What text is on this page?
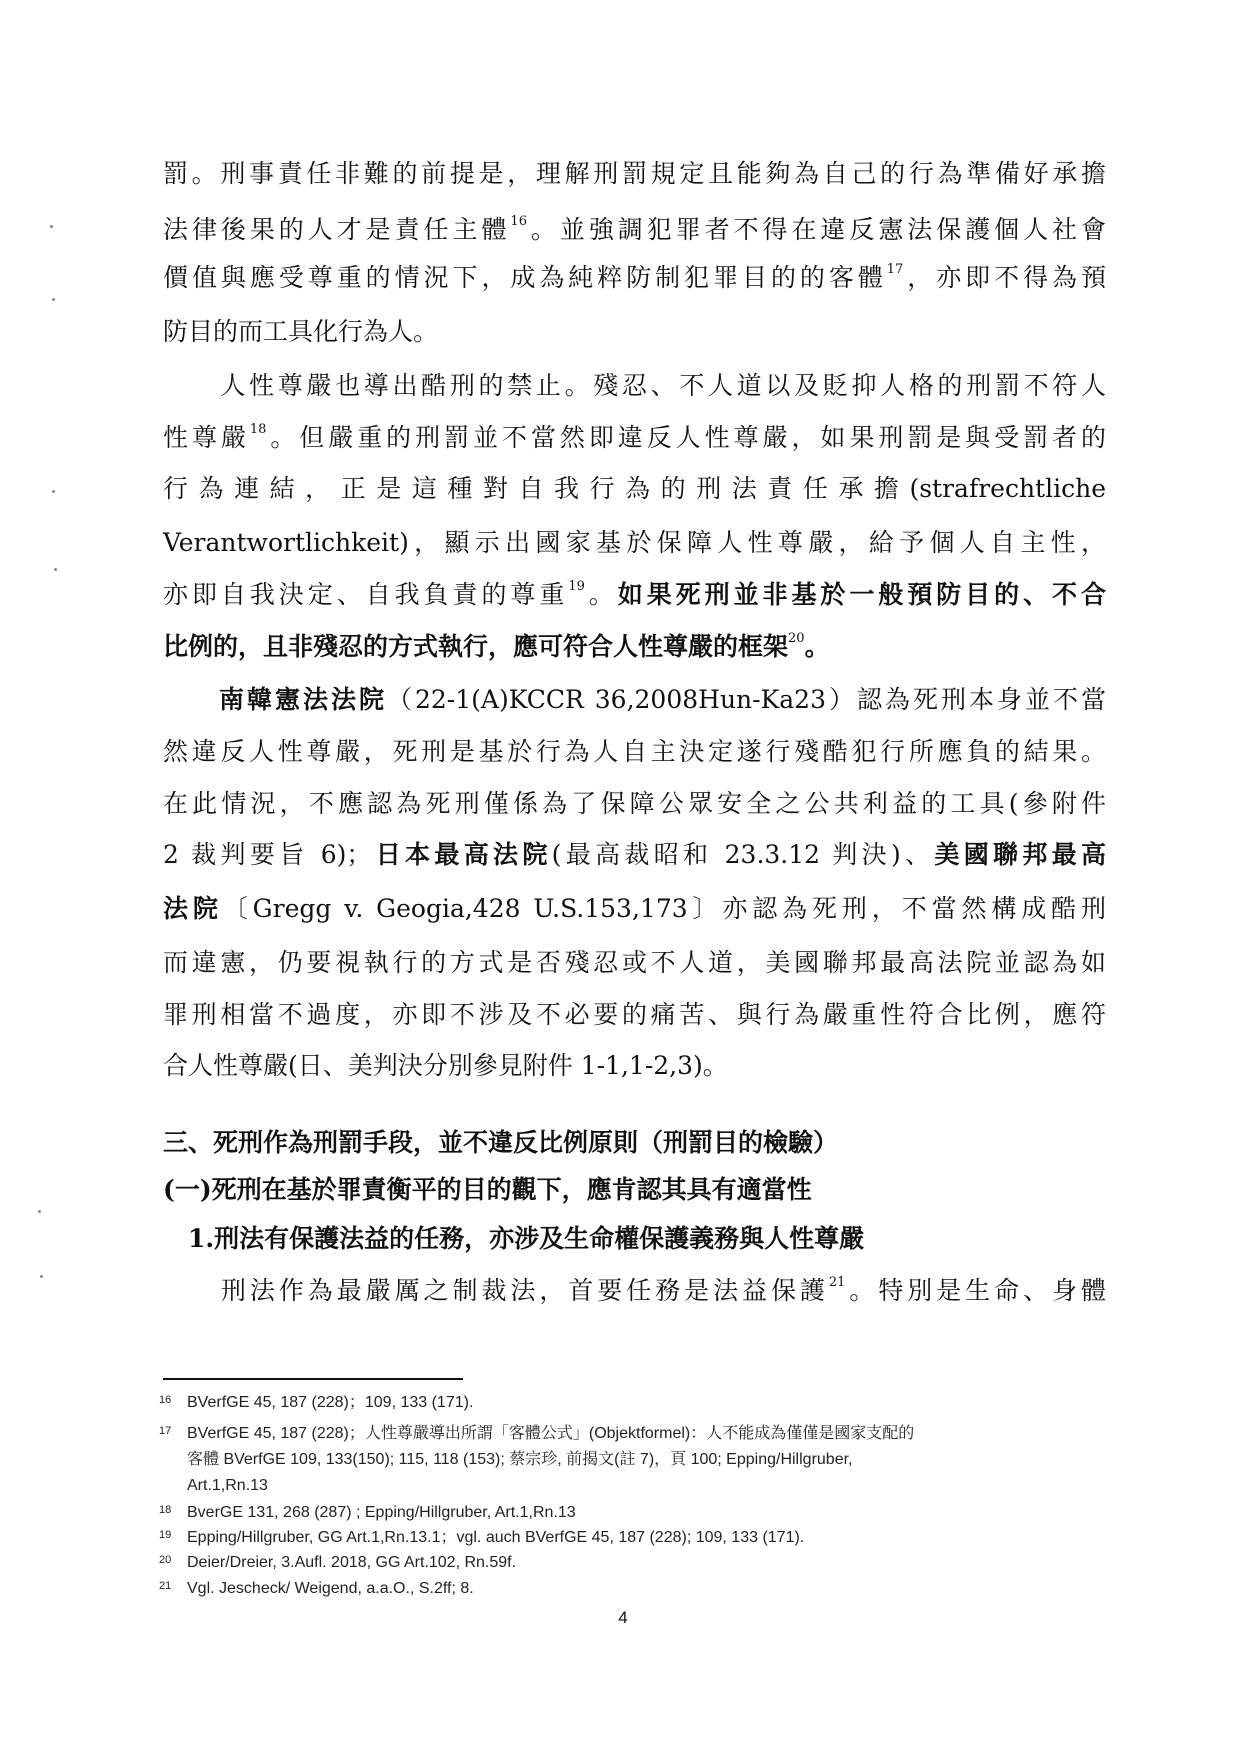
罰。刑事責任非難的前提是，理解刑罰規定且能夠為自己的行為準備好承擔
法律後果的人才是責任主體$^{16}$。並強調犯罪者不得在違反憲法保護個人社會
價值與應受尊重的情況下，成為純粹防制犯罪目的的客體$^{17}$，亦即不得為預
防目的而工具化行為人。
　　人性尊嚴也導出酷刑的禁止。殘忍、不人道以及貶抑人格的刑罰不符人
性尊嚴$^{18}$。但嚴重的刑罰並不當然即違反人性尊嚴，如果刑罰是與受罰者的
行為連結，正是這種對自我行為的刑法責任承擔(strafrechtliche
Verantwortlichkeit)，顯示出國家基於保障人性尊嚴，給予個人自主性，
亦即自我決定、自我負責的尊重$^{19}$。如果死刑並非基於一般預防目的、不合
比例的，且非殘忍的方式執行，應可符合人性尊嚴的框架$^{20}$。
　　南韓憲法法院（22-1(A)KCCR 36,2008Hun-Ka23）認為死刑本身並不當
然違反人性尊嚴，死刑是基於行為人自主決定遂行殘酷犯行所應負的結果。
在此情況，不應認為死刑僅係為了保障公眾安全之公共利益的工具(參附件
2 裁判要旨 6)；日本最高法院(最高裁昭和 23.3.12 判決)、美國聯邦最高
法院〔Gregg v. Geogia,428 U.S.153,173〕亦認為死刑，不當然構成酷刑
而違憲，仍要視執行的方式是否殘忍或不人道，美國聯邦最高法院並認為如
罪刑相當不過度，亦即不涉及不必要的痛苦、與行為嚴重性符合比例，應符
合人性尊嚴(日、美判決分別參見附件 1-1,1-2,3)。
三、死刑作為刑罰手段，並不違反比例原則（刑罰目的檢驗）
(一)死刑在基於罪責衡平的目的觀下，應肯認其具有適當性
　1.刑法有保護法益的任務，亦涉及生命權保護義務與人性尊嚴
　　刑法作為最嚴厲之制裁法，首要任務是法益保護$^{21}$。特別是生命、身體
16 BVerfGE 45, 187 (228)；109, 133 (171).
17 BVerfGE 45, 187 (228)；人性尊嚴導出所謂「客體公式」(Objektformel)：人不能成為僅僅是國家支配的
客體 BVerfGE 109, 133(150); 115, 118 (153); 蔡宗珍, 前揭文(註 7)，頁 100; Epping/Hillgruber,
Art.1,Rn.13
18 BverGE 131, 268 (287) ; Epping/Hillgruber, Art.1,Rn.13
19 Epping/Hillgruber, GG Art.1,Rn.13.1；vgl. auch BVerfGE 45, 187 (228); 109, 133 (171).
20 Deier/Dreier, 3.Aufl. 2018, GG Art.102, Rn.59f.
21 Vgl. Jescheck/ Weigend, a.a.O., S.2ff; 8.
4
